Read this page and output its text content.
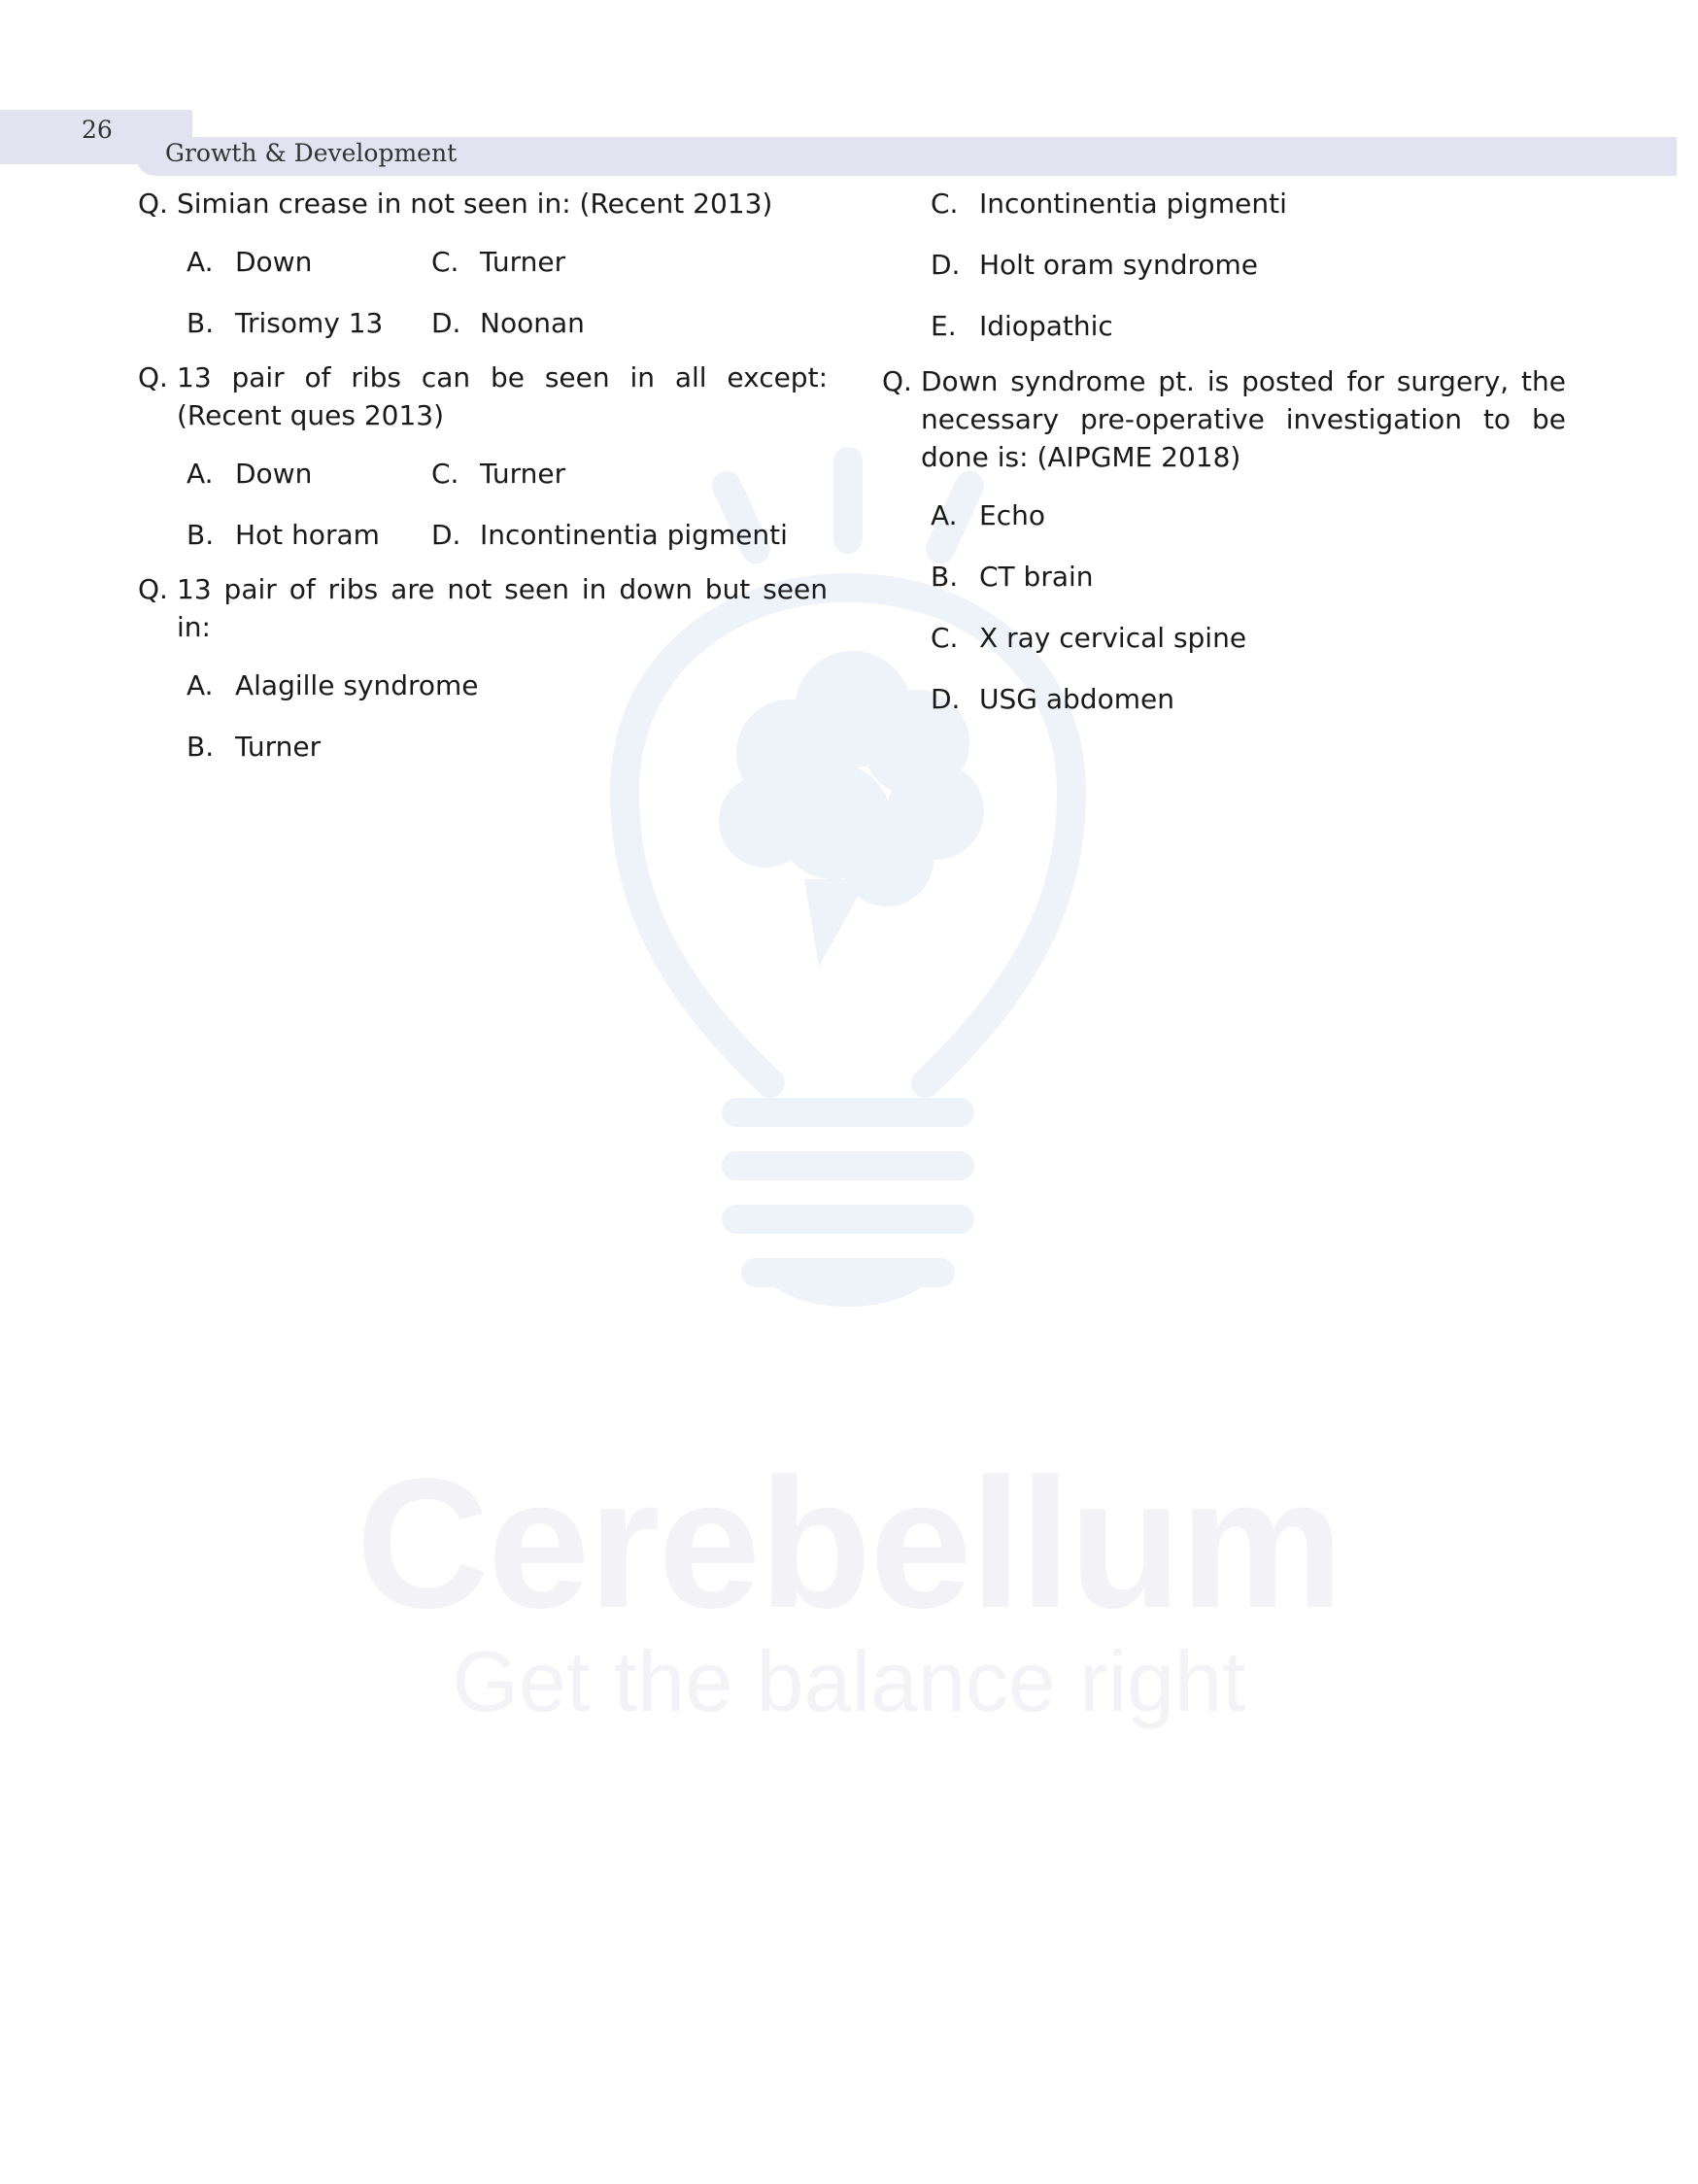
26
Growth & Development
Cerebellum
Get the balance right
Q. Simian crease in not seen in: (Recent 2013)
A. Down	C. Turner
B. Trisomy 13	D. Noonan
Q. 13 pair of ribs can be seen in all except: (Recent ques 2013)
A. Down	C. Turner
B. Hot horam	D. Incontinentia pigmenti
Q. 13 pair of ribs are not seen in down but seen in:
A. Alagille syndrome
B. Turner
C. Incontinentia pigmenti
D. Holt oram syndrome
E. Idiopathic
Q. Down syndrome pt. is posted for surgery, the necessary pre-operative investigation to be done is: (AIPGME 2018)
A. Echo
B. CT brain
C. X ray cervical spine
D. USG abdomen
